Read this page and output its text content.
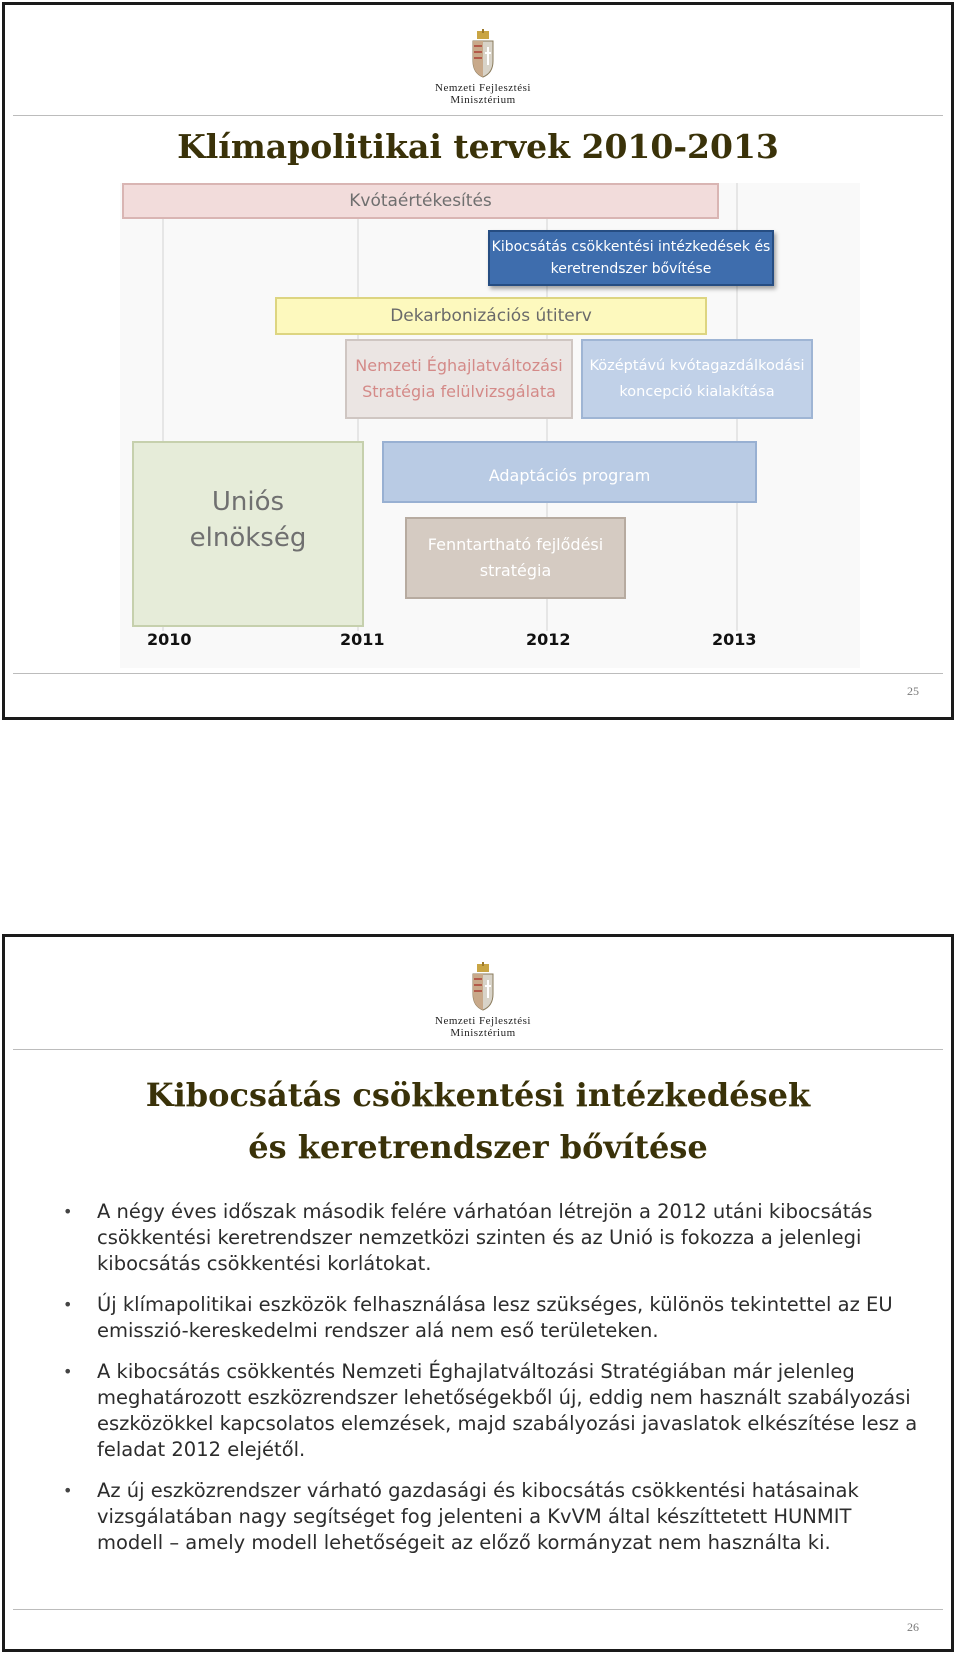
Nemzeti Fejlesztési
Minisztérium
Klímapolitikai tervek 2010-2013
Kvótaértékesítés
Kibocsátás csökkentési intézkedések és
keretrendszer bővítése
Dekarbonizációs útiterv
Nemzeti Éghajlatváltozási
Stratégia felülvizsgálata
Középtávú kvótagazdálkodási
koncepció kialakítása
Uniós
elnökség
Adaptációs program
Fenntartható fejlődési
stratégia
2010	2011	2012	2013
25
Nemzeti Fejlesztési
Minisztérium
Kibocsátás csökkentési intézkedések
és keretrendszer bővítése
• A négy éves időszak második felére várhatóan létrejön a 2012 utáni kibocsátás csökkentési keretrendszer nemzetközi szinten és az Unió is fokozza a jelenlegi kibocsátás csökkentési korlátokat.
• Új klímapolitikai eszközök felhasználása lesz szükséges, különös tekintettel az EU emisszió-kereskedelmi rendszer alá nem eső területeken.
• A kibocsátás csökkentés Nemzeti Éghajlatváltozási Stratégiában már jelenleg meghatározott eszközrendszer lehetőségekből új, eddig nem használt szabályozási eszközökkel kapcsolatos elemzések, majd szabályozási javaslatok elkészítése lesz a feladat 2012 elejétől.
• Az új eszközrendszer várható gazdasági és kibocsátás csökkentési hatásainak vizsgálatában nagy segítséget fog jelenteni a KvVM által készíttetett HUNMIT modell – amely modell lehetőségeit az előző kormányzat nem használta ki.
26
